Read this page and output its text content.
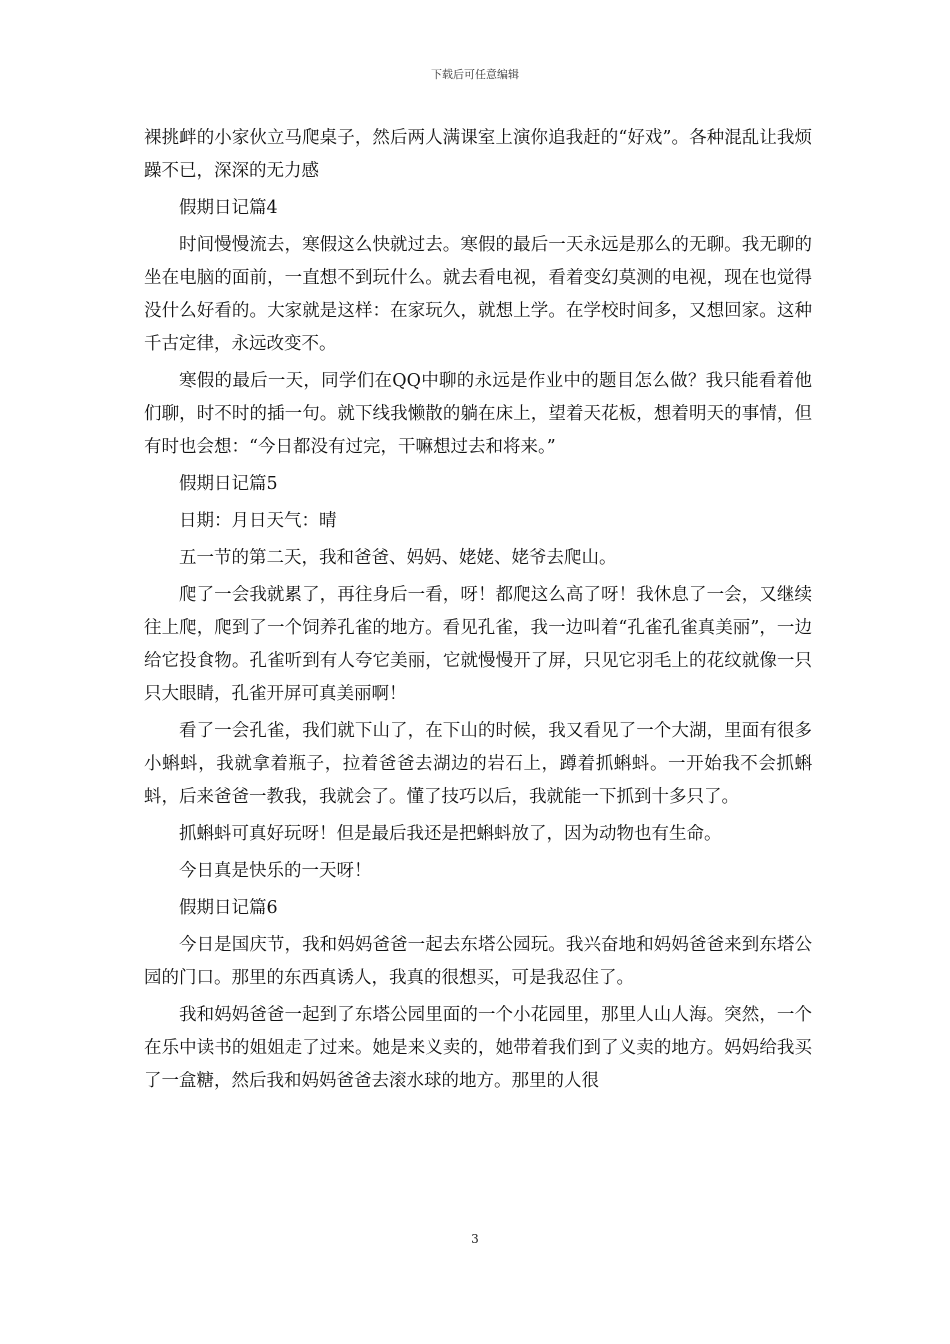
下载后可任意编辑

裸挑衅的小家伙立马爬桌子，然后两人满课室上演你追我赶的“好戏”。各种混乱让我烦躁不已，深深的无力感

假期日记篇4

时间慢慢流去，寒假这么快就过去。寒假的最后一天永远是那么的无聊。我无聊的坐在电脑的面前，一直想不到玩什么。就去看电视，看着变幻莫测的电视，现在也觉得没什么好看的。大家就是这样：在家玩久，就想上学。在学校时间多，又想回家。这种千古定律，永远改变不。

寒假的最后一天，同学们在QQ中聊的永远是作业中的题目怎么做？我只能看着他们聊，时不时的插一句。就下线我懒散的躺在床上，望着天花板，想着明天的事情，但有时也会想：“今日都没有过完，干嘛想过去和将来。”

假期日记篇5

日期：月日天气：晴

五一节的第二天，我和爸爸、妈妈、姥姥、姥爷去爬山。

爬了一会我就累了，再往身后一看，呀！都爬这么高了呀！我休息了一会，又继续往上爬，爬到了一个饲养孔雀的地方。看见孔雀，我一边叫着“孔雀孔雀真美丽”，一边给它投食物。孔雀听到有人夸它美丽，它就慢慢开了屏，只见它羽毛上的花纹就像一只只大眼睛，孔雀开屏可真美丽啊！

看了一会孔雀，我们就下山了，在下山的时候，我又看见了一个大湖，里面有很多小蝌蚪，我就拿着瓶子，拉着爸爸去湖边的岩石上，蹲着抓蝌蚪。一开始我不会抓蝌蚪，后来爸爸一教我，我就会了。懂了技巧以后，我就能一下抓到十多只了。

抓蝌蚪可真好玩呀！但是最后我还是把蝌蚪放了，因为动物也有生命。

今日真是快乐的一天呀！

假期日记篇6

今日是国庆节，我和妈妈爸爸一起去东塔公园玩。我兴奋地和妈妈爸爸来到东塔公园的门口。那里的东西真诱人，我真的很想买，可是我忍住了。

我和妈妈爸爸一起到了东塔公园里面的一个小花园里，那里人山人海。突然，一个在乐中读书的姐姐走了过来。她是来义卖的，她带着我们到了义卖的地方。妈妈给我买了一盒糖，然后我和妈妈爸爸去滚水球的地方。那里的人很

3
